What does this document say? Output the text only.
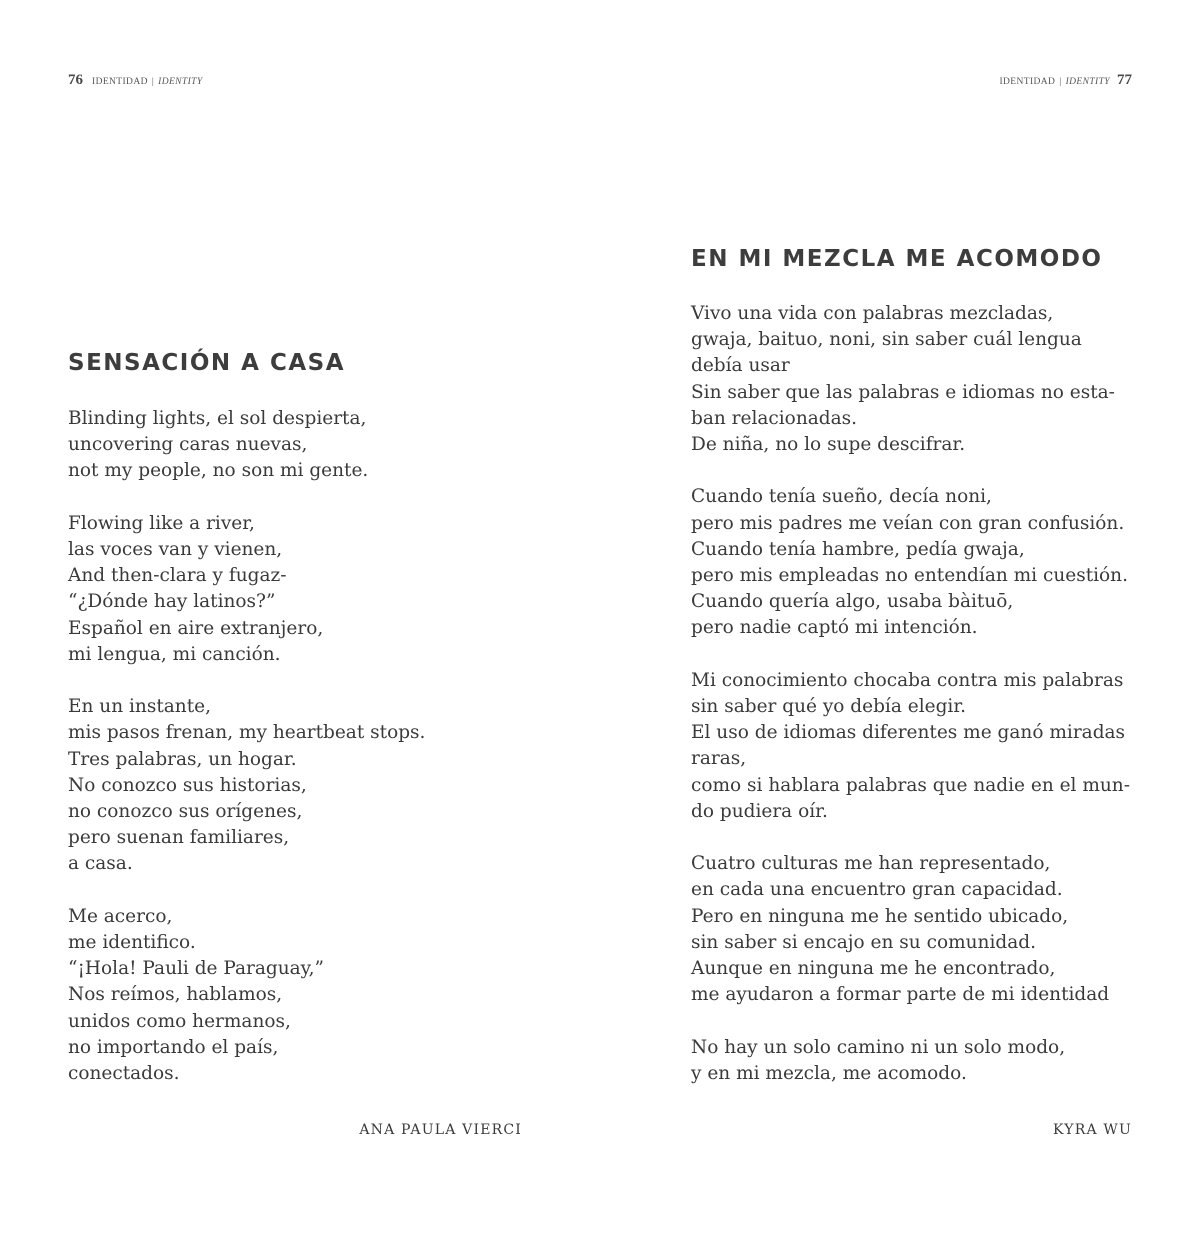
76 IDENTIDAD | IDENTITY
SENSACIÓN A CASA
Blinding lights, el sol despierta,
uncovering caras nuevas,
not my people, no son mi gente.
Flowing like a river,
las voces van y vienen,
And then-clara y fugaz-
“¿Dónde hay latinos?”
Español en aire extranjero,
mi lengua, mi canción.
En un instante,
mis pasos frenan, my heartbeat stops.
Tres palabras, un hogar.
No conozco sus historias,
no conozco sus orígenes,
pero suenan familiares,
a casa.
Me acerco,
me identifico.
“¡Hola! Pauli de Paraguay,”
Nos reímos, hablamos,
unidos como hermanos,
no importando el país,
conectados.
ANA PAULA VIERCI
IDENTIDAD | IDENTITY 77
EN MI MEZCLA ME ACOMODO
Vivo una vida con palabras mezcladas,
gwaja, baituo, noni, sin saber cuál lengua
debía usar
Sin saber que las palabras e idiomas no esta-
ban relacionadas.
De niña, no lo supe descifrar.
Cuando tenía sueño, decía noni,
pero mis padres me veían con gran confusión.
Cuando tenía hambre, pedía gwaja,
pero mis empleadas no entendían mi cuestión.
Cuando quería algo, usaba bàituō,
pero nadie captó mi intención.
Mi conocimiento chocaba contra mis palabras
sin saber qué yo debía elegir.
El uso de idiomas diferentes me ganó miradas
raras,
como si hablara palabras que nadie en el mun-
do pudiera oír.
Cuatro culturas me han representado,
en cada una encuentro gran capacidad.
Pero en ninguna me he sentido ubicado,
sin saber si encajo en su comunidad.
Aunque en ninguna me he encontrado,
me ayudaron a formar parte de mi identidad
No hay un solo camino ni un solo modo,
y en mi mezcla, me acomodo.
KYRA WU
